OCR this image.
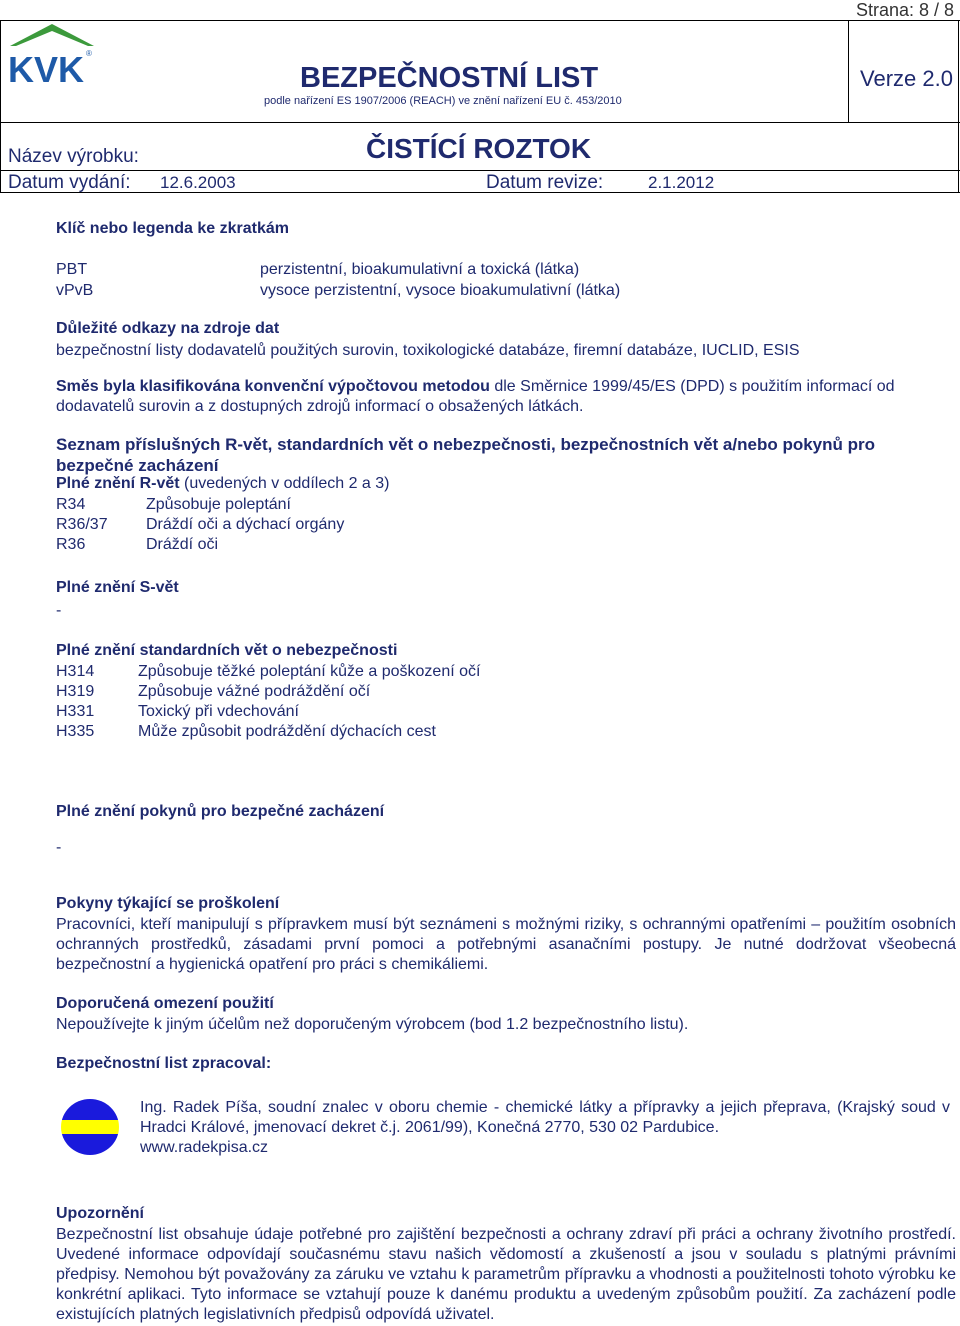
Strana: 8 / 8
KVK ®
BEZPEČNOSTNÍ LIST
podle nařízení ES 1907/2006 (REACH) ve znění nařízení EU č. 453/2010
Verze 2.0
Název výrobku:	ČISTÍCÍ ROZTOK
Datum vydání: 12.6.2003	Datum revize:	2.1.2012
Klíč nebo legenda ke zkratkám
PBT	perzistentní, bioakumulativní a toxická (látka)
vPvB	vysoce perzistentní, vysoce bioakumulativní (látka)
Důležité odkazy na zdroje dat
bezpečnostní listy dodavatelů použitých surovin, toxikologické databáze, firemní databáze, IUCLID, ESIS
Směs byla klasifikována konvenční výpočtovou metodou dle Směrnice 1999/45/ES (DPD) s použitím informací od dodavatelů surovin a z dostupných zdrojů informací o obsažených látkách.
Seznam příslušných R-vět, standardních vět o nebezpečnosti, bezpečnostních vět a/nebo pokynů pro bezpečné zacházení
Plné znění R-vět (uvedených v oddílech 2 a 3)
R34	Způsobuje poleptání
R36/37 Dráždí oči a dýchací orgány
R36	Dráždí oči
Plné znění S-vět
-
Plné znění standardních vět o nebezpečnosti
H314	Způsobuje těžké poleptání kůže a poškození očí
H319	Způsobuje vážné podráždění očí
H331	Toxický při vdechování
H335	Může způsobit podráždění dýchacích cest
Plné znění pokynů pro bezpečné zacházení
-
Pokyny týkající se proškolení
Pracovníci, kteří manipulují s přípravkem musí být seznámeni s možnými riziky, s ochrannými opatřeními – použitím osobních ochranných prostředků, zásadami první pomoci a potřebnými asanačními postupy. Je nutné dodržovat všeobecná bezpečnostní a hygienická opatření pro práci s chemikáliemi.
Doporučená omezení použití
Nepoužívejte k jiným účelům než doporučeným výrobcem (bod 1.2 bezpečnostního listu).
Bezpečnostní list zpracoval:
Ing. Radek Píša, soudní znalec v oboru chemie - chemické látky a přípravky a jejich přeprava, (Krajský soud v Hradci Králové, jmenovací dekret č.j. 2061/99), Konečná 2770, 530 02 Pardubice.
www.radekpisa.cz
Upozornění
Bezpečnostní list obsahuje údaje potřebné pro zajištění bezpečnosti a ochrany zdraví při práci a ochrany životního prostředí. Uvedené informace odpovídají současnému stavu našich vědomostí a zkušeností a jsou v souladu s platnými právními předpisy. Nemohou být považovány za záruku ve vztahu k parametrům přípravku a vhodnosti a použitelnosti tohoto výrobku ke konkrétní aplikaci. Tyto informace se vztahují pouze k danému produktu a uvedeným způsobům použití. Za zacházení podle existujících platných legislativních předpisů odpovídá uživatel.
